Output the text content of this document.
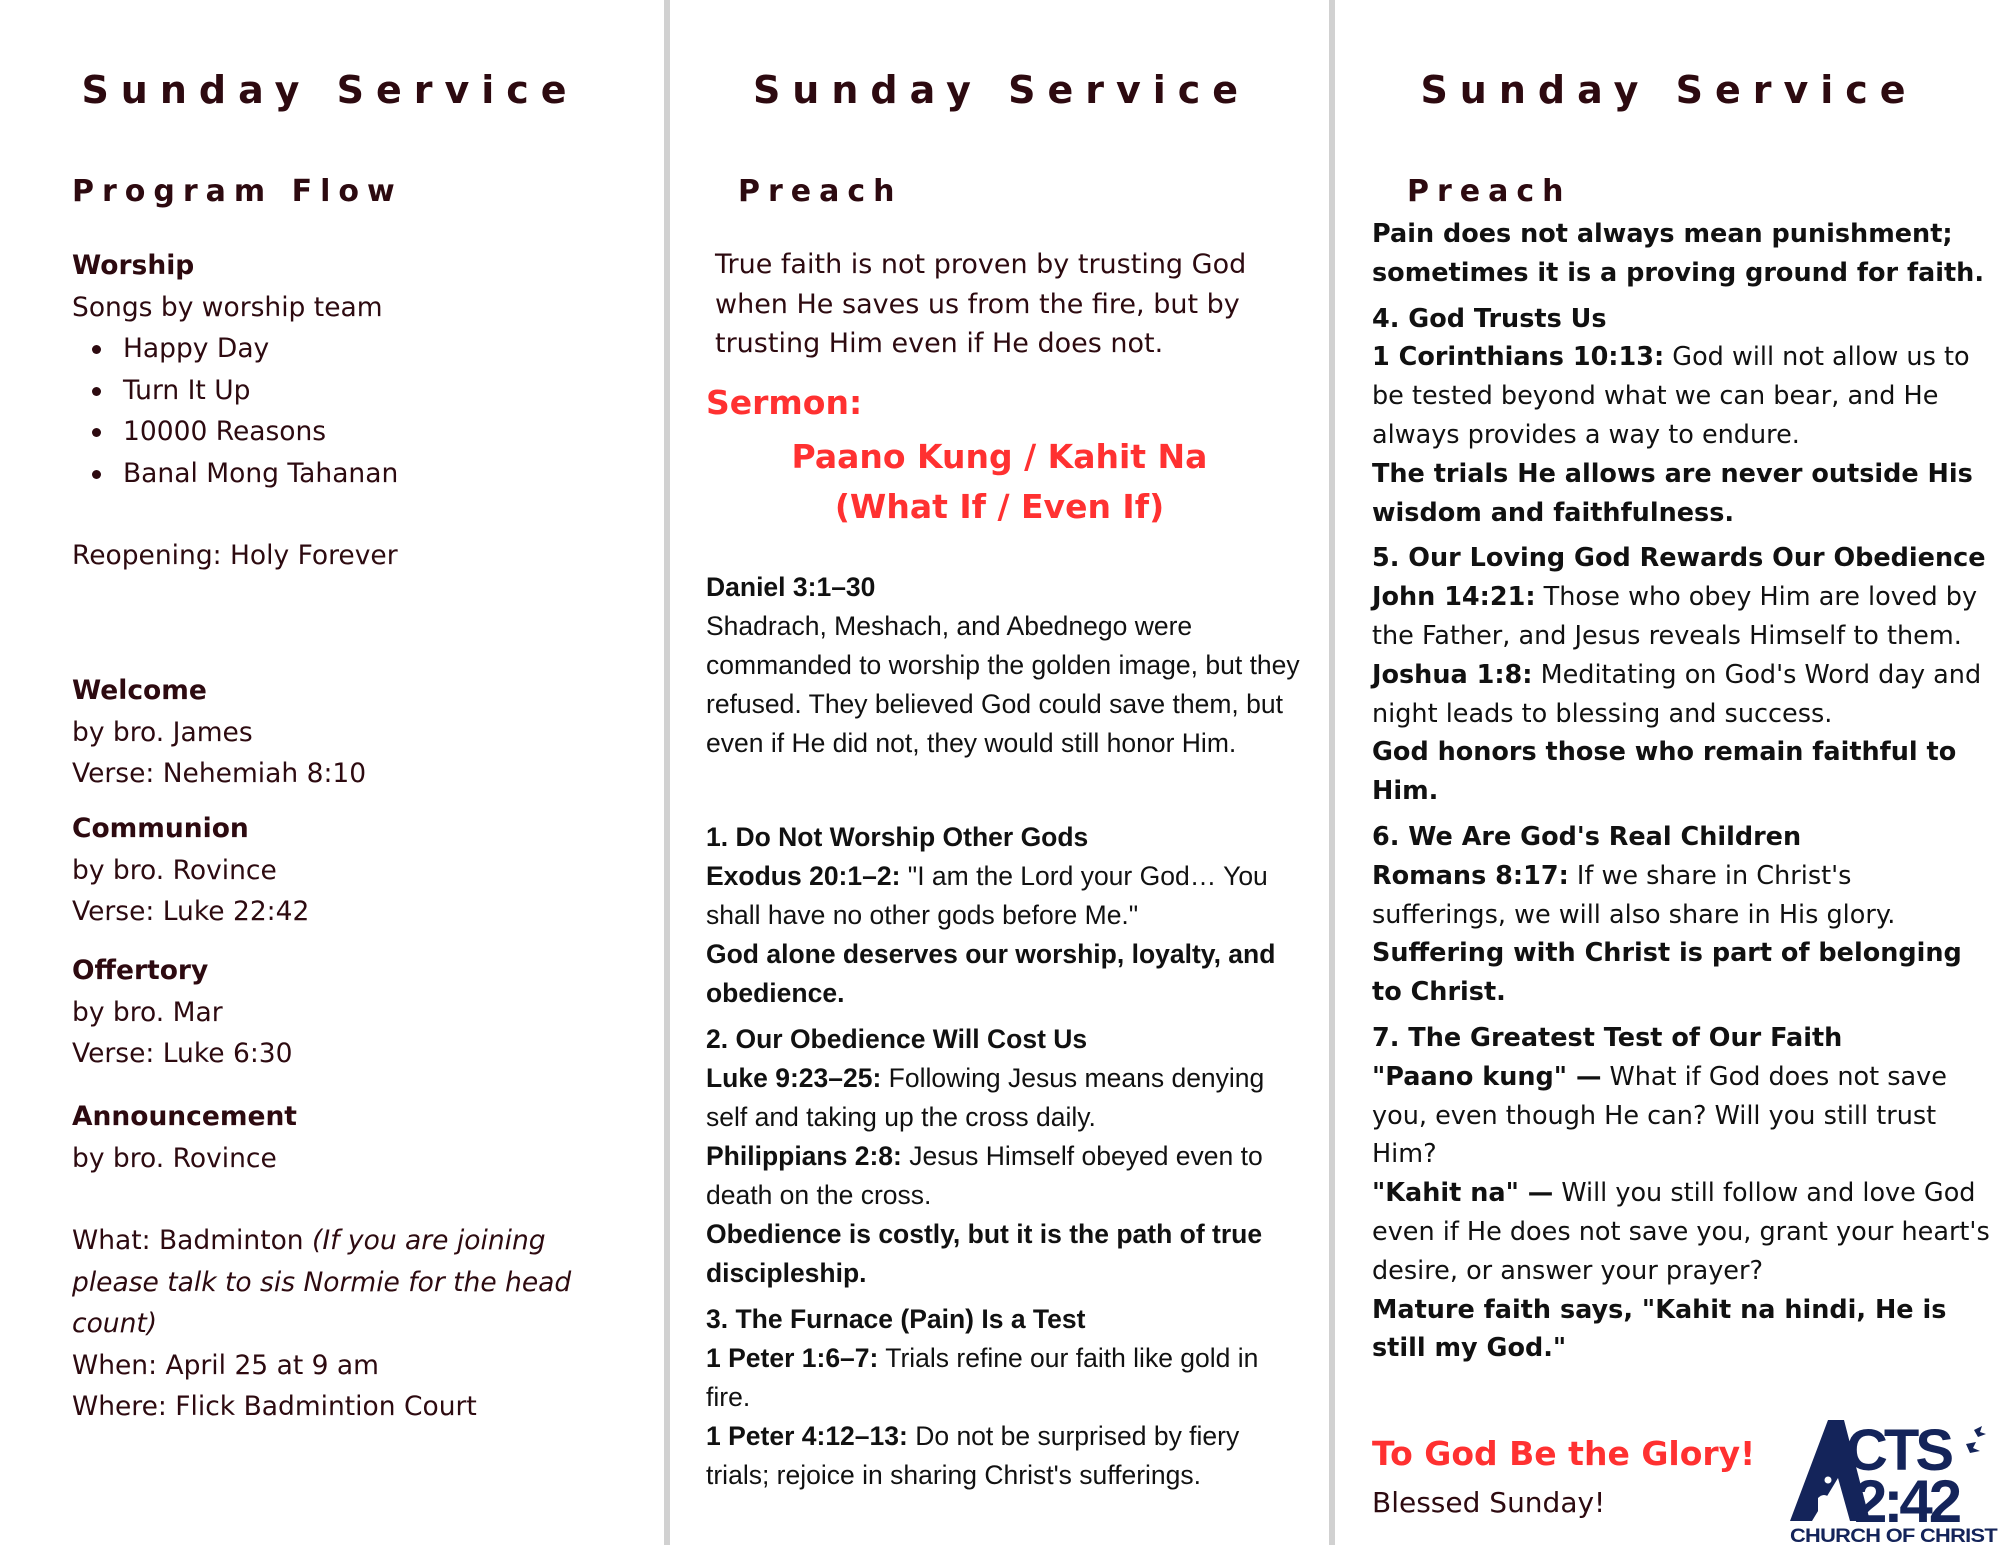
Sunday Service
Program Flow

Worship

Songs by worship team

Happy Day
Turn It Up
10000 Reasons
Banal Mong Tahanan

Reopening: Holy Forever

Welcome

by bro. James

Verse: Nehemiah 8:10

Communion

by bro. Rovince

Verse: Luke 22:42

Offertory

by bro. Mar

Verse: Luke 6:30

Announcement

by bro. Rovince

What: Badminton (If you are joining please talk to sis Normie for the head count)

When: April 25 at 9 am

Where: Flick Badmintion Court

Sunday Service
Preach
True faith is not proven by trusting God when He saves us from the fire, but by trusting Him even if He does not.
Sermon:
Paano Kung / Kahit Na
(What If / Even If)

Daniel 3:1–30

Shadrach, Meshach, and Abednego were commanded to worship the golden image, but they refused. They believed God could save them, but even if He did not, they would still honor Him.

1. Do Not Worship Other Gods

Exodus 20:1–2: "I am the Lord your God… You shall have no other gods before Me."

God alone deserves our worship, loyalty, and obedience.

2. Our Obedience Will Cost Us

Luke 9:23–25: Following Jesus means denying self and taking up the cross daily.

Philippians 2:8: Jesus Himself obeyed even to death on the cross.

Obedience is costly, but it is the path of true discipleship.

3. The Furnace (Pain) Is a Test

1 Peter 1:6–7: Trials refine our faith like gold in fire.

1 Peter 4:12–13: Do not be surprised by fiery trials; rejoice in sharing Christ's sufferings.

Sunday Service
Preach

Pain does not always mean punishment; sometimes it is a proving ground for faith.

4. God Trusts Us

1 Corinthians 10:13: God will not allow us to be tested beyond what we can bear, and He always provides a way to endure.

The trials He allows are never outside His wisdom and faithfulness.

5. Our Loving God Rewards Our Obedience

John 14:21: Those who obey Him are loved by the Father, and Jesus reveals Himself to them.

Joshua 1:8: Meditating on God's Word day and night leads to blessing and success.

God honors those who remain faithful to Him.

6. We Are God's Real Children

Romans 8:17: If we share in Christ's sufferings, we will also share in His glory.

Suffering with Christ is part of belonging to Christ.

7. The Greatest Test of Our Faith

"Paano kung" — What if God does not save you, even though He can? Will you still trust Him?

"Kahit na" — Will you still follow and love God even if He does not save you, grant your heart's desire, or answer your prayer?

Mature faith says, "Kahit na hindi, He is still my God."

To God Be the Glory!
Blessed Sunday!
CTS
2:42
CHURCH OF CHRIST
